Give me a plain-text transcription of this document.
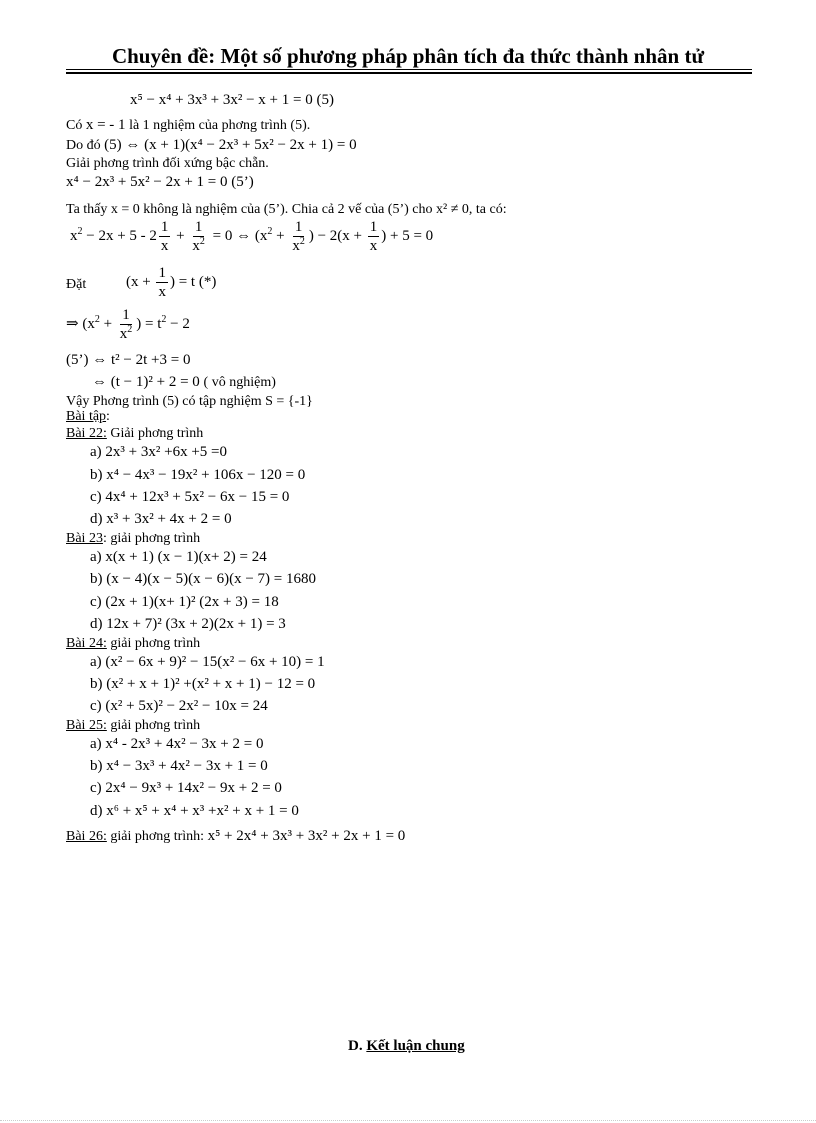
Chuyên đề: Một số phương pháp phân tích đa thức thành nhân tử
x⁵ − x⁴ + 3x³ + 3x² − x + 1 = 0 (5)
Có x = - 1 là 1 nghiệm của phơng trình (5).
Do đó (5) ⇔ (x + 1)(x⁴ − 2x³ + 5x² − 2x + 1) = 0
Giải phơng trình đối xứng bậc chẵn.
x⁴ − 2x³ + 5x² − 2x + 1 = 0 (5’)
Ta thấy x = 0 không là nghiệm của (5’). Chia cả 2 vế của (5’) cho x² ≠ 0, ta có:
$x^2 - 2x + 5 - 2 \frac{1}{x} + \frac{1}{x^2} = 0$ ⇔ ($x^2 + \frac{1}{x^2}$ ) − $2(x + \frac{1}{x}$ ) + 5 = 0
Đặt	($x + \frac{1}{x}$ ) = t (*)
⇒ ($x^2 + \frac{1}{x^2}$ ) = $t^2 - 2$
(5’) ⇔ t² − 2t +3 = 0
⇔ (t − 1)² + 2 = 0 ( vô nghiệm)
Vậy Phơng trình (5) có tập nghiệm S = {-1}
Bài tập:
Bài 22: Giải phơng trình
a) 2x³ + 3x² +6x +5 =0
b) x⁴ − 4x³ − 19x² + 106x − 120 = 0
c) 4x⁴ + 12x³ + 5x² − 6x − 15 = 0
d) x³ + 3x² + 4x + 2 = 0
Bài 23: giải phơng trình
a) x(x + 1) (x − 1)(x+ 2) = 24
b) (x − 4)(x − 5)(x − 6)(x − 7) = 1680
c) (2x + 1)(x+ 1)² (2x + 3) = 18
d) 12x + 7)² (3x + 2)(2x + 1) = 3
Bài 24: giải phơng trình
a) (x² − 6x + 9)² − 15(x² − 6x + 10) = 1
b) (x² + x + 1)² +(x² + x + 1) − 12 = 0
c) (x² + 5x)² − 2x² − 10x = 24
Bài 25: giải phơng trình
a) x⁴ - 2x³ + 4x² − 3x + 2 = 0
b) x⁴ − 3x³ + 4x² − 3x + 1 = 0
c) 2x⁴ − 9x³ + 14x² − 9x + 2 = 0
d) x⁶ + x⁵ + x⁴ + x³ +x² + x + 1 = 0
Bài 26: giải phơng trình: x⁵ + 2x⁴ + 3x³ + 3x² + 2x + 1 = 0
D. Kết luận chung
